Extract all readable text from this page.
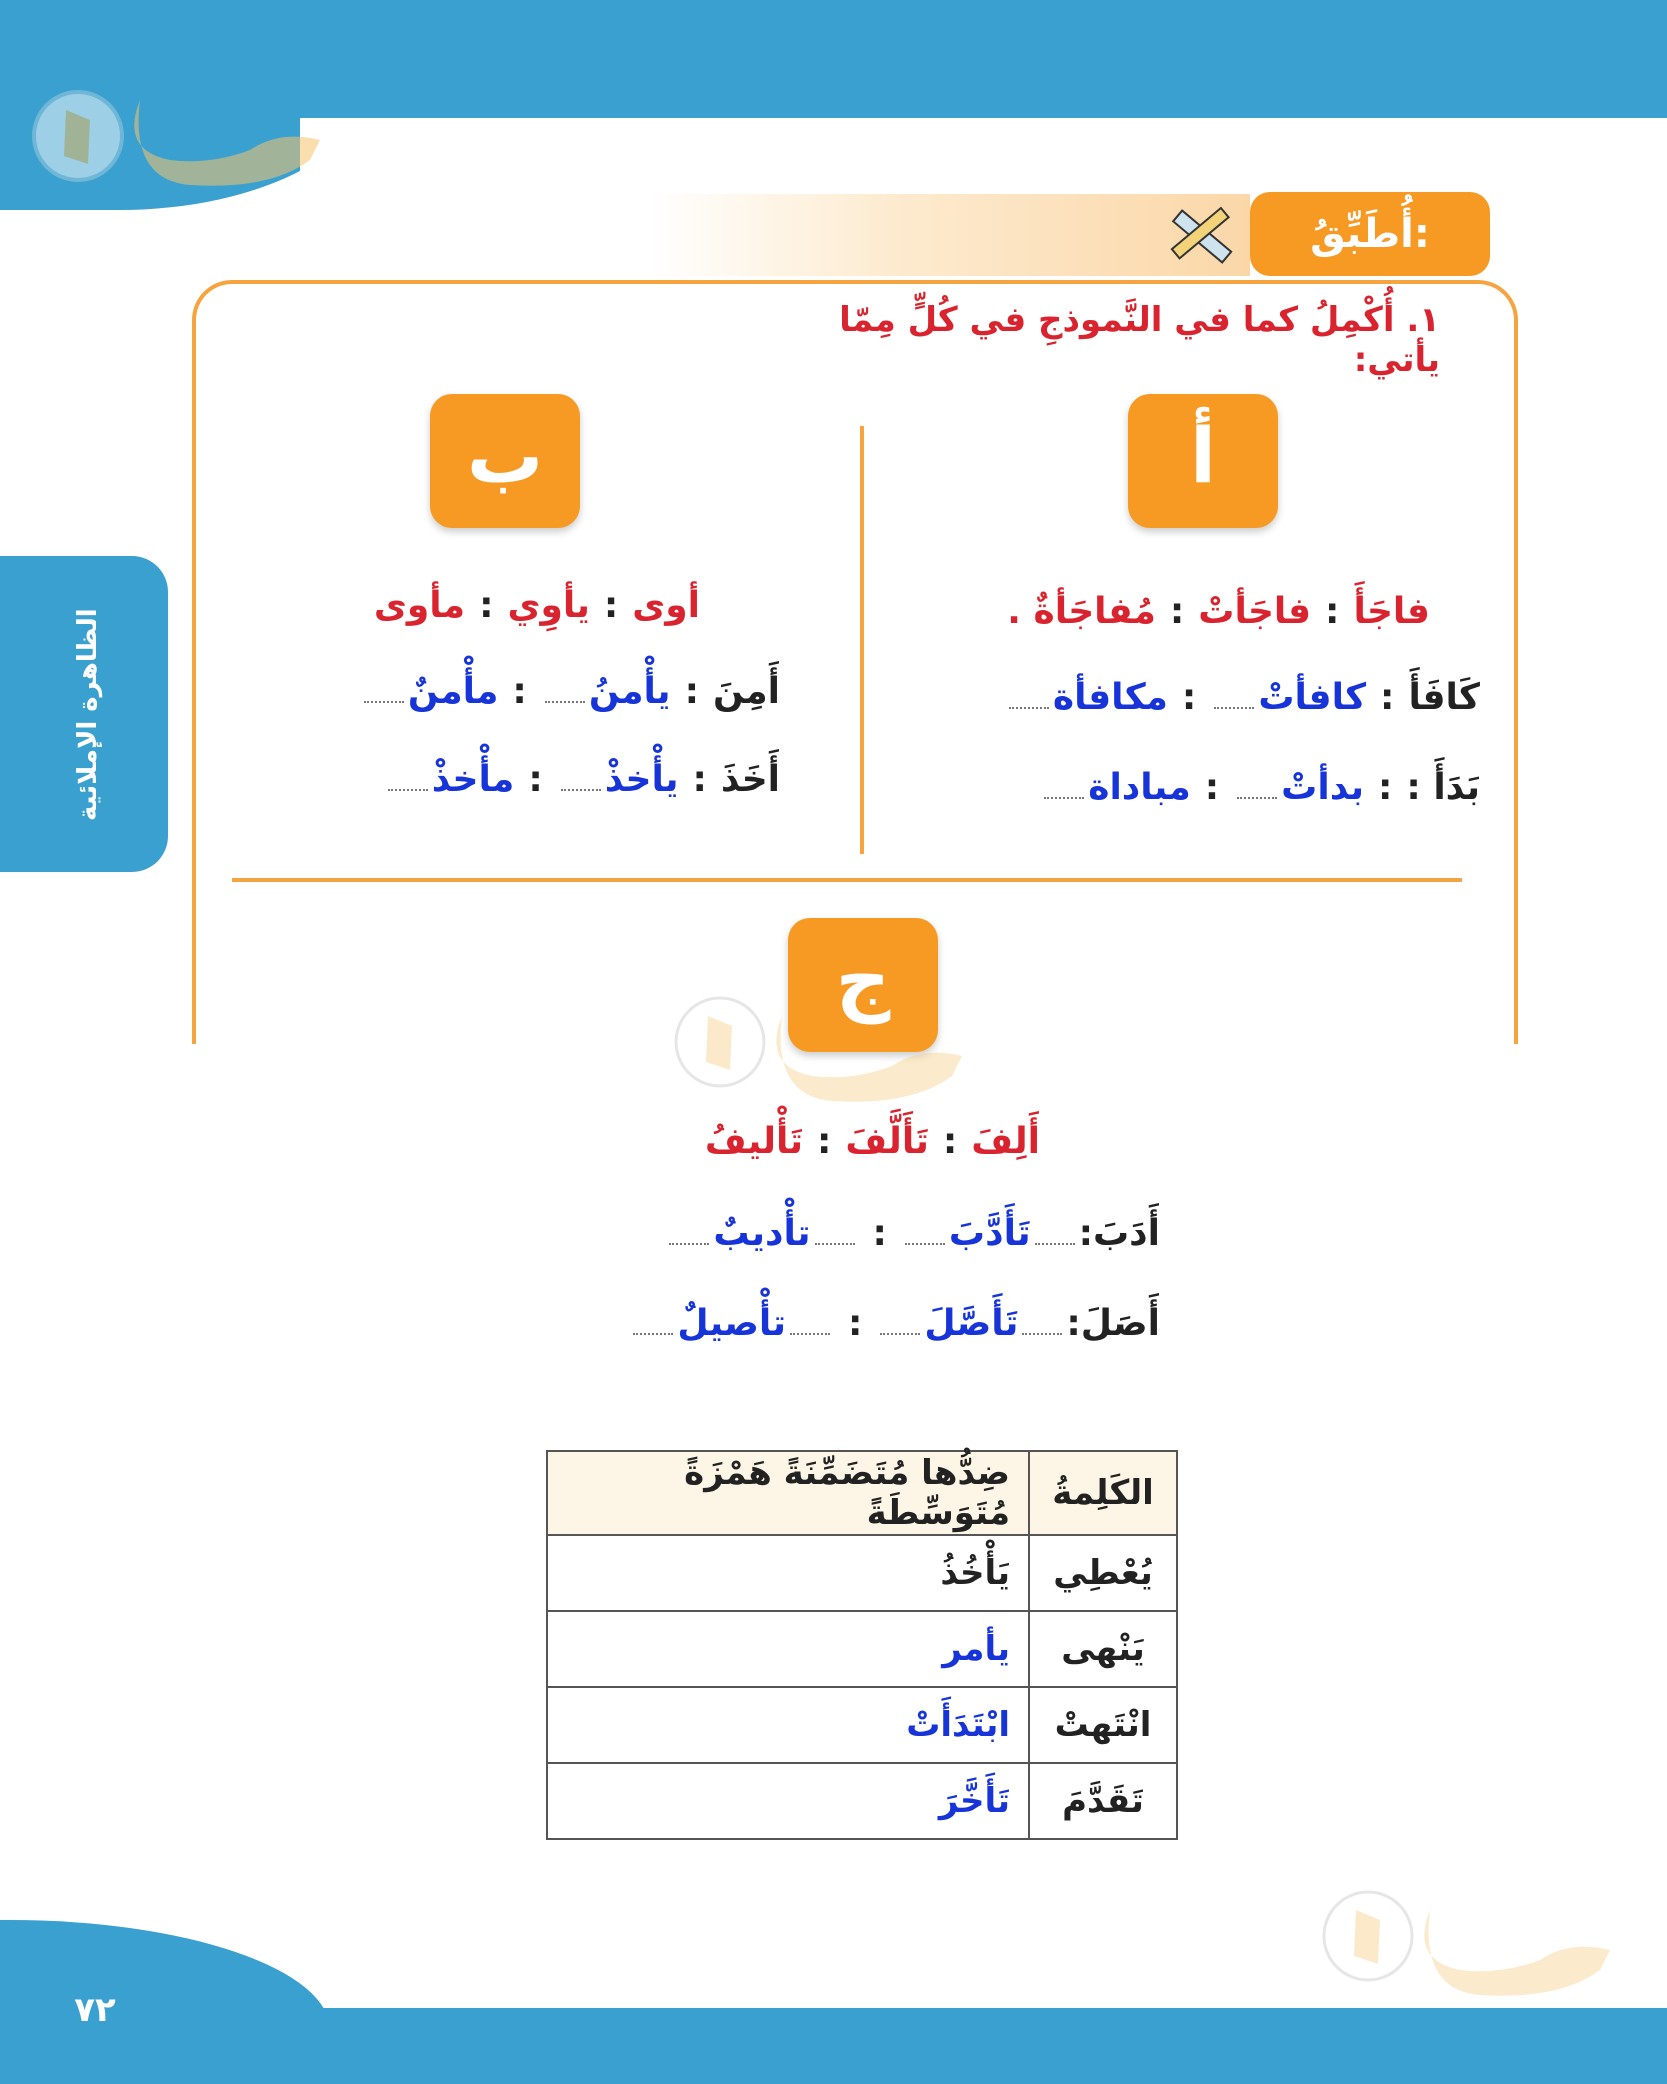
الظاهرة الإملائية
٧٢
أُطَبِّقُ:
١. أُكْمِلُ كما في النَّموذجِ في كُلٍّ مِمّا يأتي:
أ
فاجَأَ:فاجَأتْ:مُفاجَأةٌ .
كَافَأَ:كافأتْ:مكافأة
بَدَأَ ::بدأتْ:مباداة
ب
أوى:يأوِي:مأوى
أَمِنَ:يأْمنُ:مأْمنٌ
أَخَذَ:يأْخذْ:مأْخذْ
ج
أَلِفَ:تَأَلَّفَ:تَأْليفُ
أَدَبَ:تَأَدَّبَ:تأْديبٌ
أَصَلَ:تَأَصَّلَ:تأْصيلٌ
الكَلِمةُ	ضِدُّها مُتَضَمِّنَةً هَمْزَةً مُتَوَسِّطَةً
يُعْطِي	يَأْخُذُ
يَنْهى	يأمر
انْتَهتْ	ابْتَدَأَتْ
تَقَدَّمَ	تَأَخَّرَ
